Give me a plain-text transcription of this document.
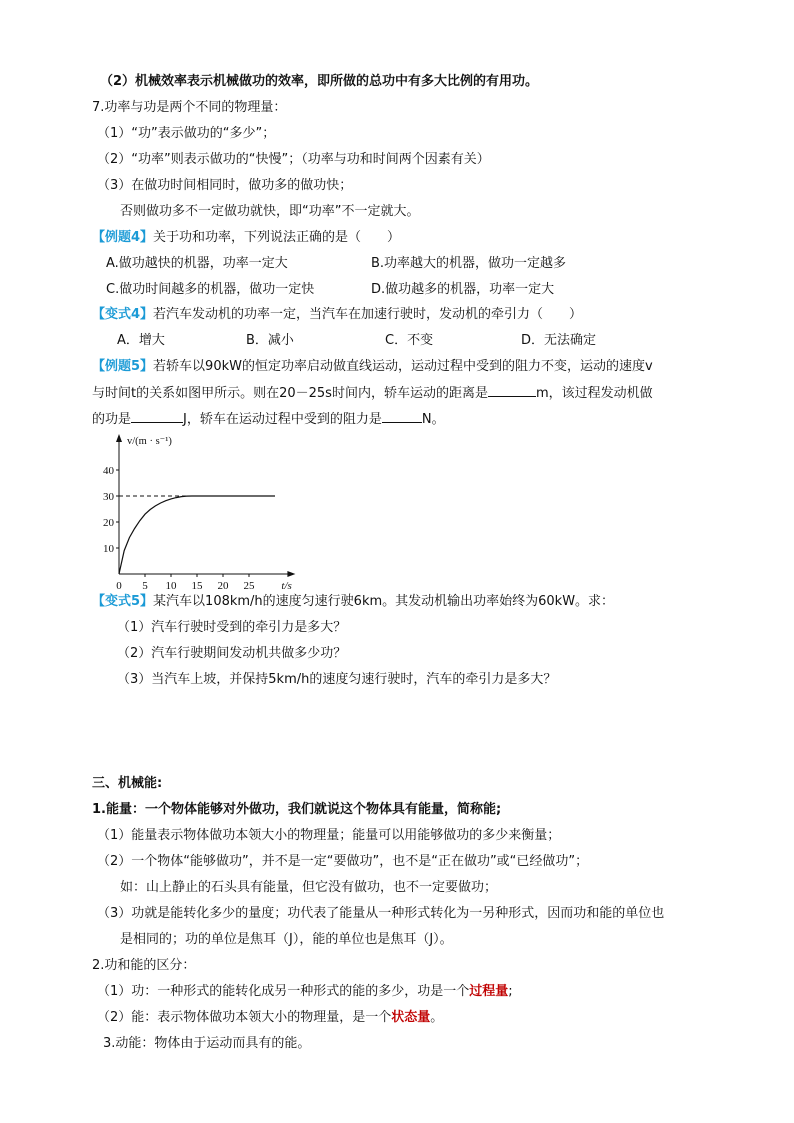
（2）机械效率表示机械做功的效率，即所做的总功中有多大比例的有用功。
7.功率与功是两个不同的物理量：
（1）“功”表示做功的“多少”；
（2）“功率”则表示做功的“快慢”；（功率与功和时间两个因素有关）
（3）在做功时间相同时，做功多的做功快；
否则做功多不一定做功就快，即“功率”不一定就大。
【例题4】关于功和功率，下列说法正确的是（　　）
A.做功越快的机器，功率一定大	B.功率越大的机器，做功一定越多
C.做功时间越多的机器，做功一定快	D.做功越多的机器，功率一定大
【变式4】若汽车发动机的功率一定，当汽车在加速行驶时，发动机的牵引力（　　）
A．增大	B．减小	C．不变	D．无法确定
【例题5】若轿车以90kW的恒定功率启动做直线运动，运动过程中受到的阻力不变，运动的速度v
与时间t的关系如图甲所示。则在20－25s时间内，轿车运动的距离是	m，该过程发动机做
的功是	J，轿车在运动过程中受到的阻力是	N。
10
20
30
40
0 5 10 15 20 25
v/(m · s⁻¹)
t/s
【变式5】某汽车以108km/h的速度匀速行驶6km。其发动机输出功率始终为60kW。求：
（1）汽车行驶时受到的牵引力是多大？
（2）汽车行驶期间发动机共做多少功？
（3）当汽车上坡，并保持5km/h的速度匀速行驶时，汽车的牵引力是多大？
三、机械能:
1.能量：一个物体能够对外做功，我们就说这个物体具有能量，简称能;
（1）能量表示物体做功本领大小的物理量；能量可以用能够做功的多少来衡量；
（2）一个物体“能够做功”，并不是一定“要做功”，也不是“正在做功”或“已经做功”；
如：山上静止的石头具有能量，但它没有做功，也不一定要做功；
（3）功就是能转化多少的量度；功代表了能量从一种形式转化为一另种形式，因而功和能的单位也
是相同的；功的单位是焦耳（J），能的单位也是焦耳（J）。
2.功和能的区分：
（1）功：一种形式的能转化成另一种形式的能的多少，功是一个过程量;
（2）能：表示物体做功本领大小的物理量，是一个状态量。
3.动能：物体由于运动而具有的能。
